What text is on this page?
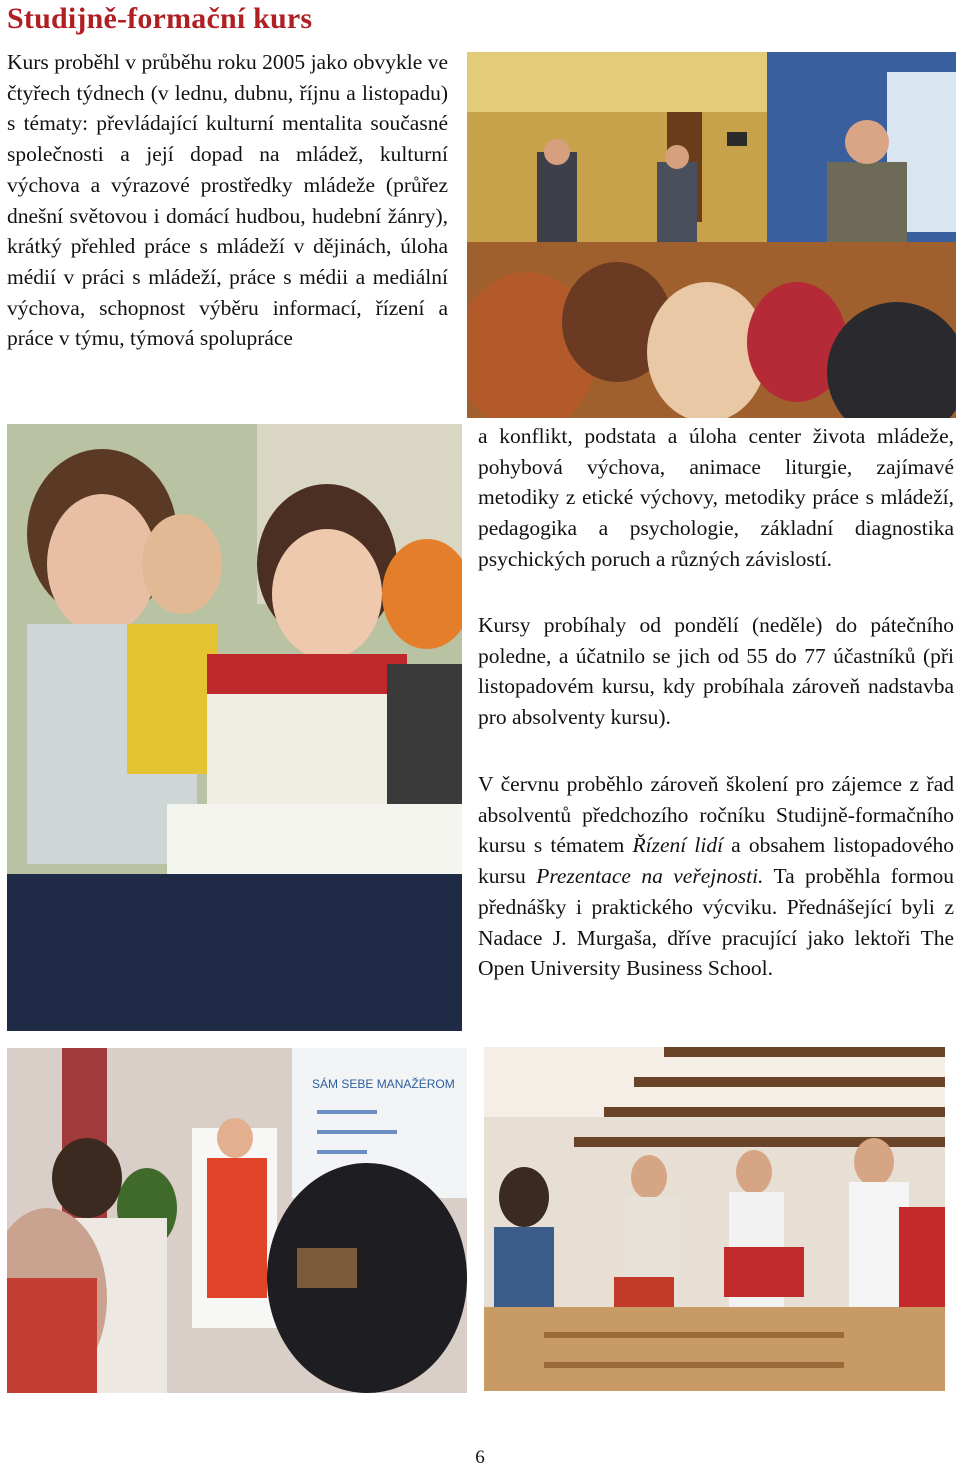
Studijně-formační kurs

Kurs proběhl v průběhu roku 2005 jako obvykle ve čtyřech týdnech (v lednu, dubnu, říjnu a listopadu) s tématy: převládající kulturní mentalita současné společnosti a její dopad na mládež, kulturní výchova a výrazové prostředky mládeže (průřez dnešní světovou i domácí hudbou, hudební žánry), krátký přehled práce s mládeží v dějinách, úloha médií v práci s mládeží, práce s médii a mediální výchova, schopnost výběru informací, řízení a práce v týmu, týmová spolupráce

a konflikt, podstata a úloha center života mládeže, pohybová výchova, animace liturgie, zajímavé metodiky z etické výchovy, metodiky práce s mládeží, pedagogika a psychologie, základní diagnostika psychických poruch a různých závislostí.

Kursy probíhaly od pondělí (neděle) do pátečního poledne, a účatnilo se jich od 55 do 77 účastníků (při listopadovém kursu, kdy probíhala zároveň nadstavba pro absolventy kursu).

V červnu proběhlo zároveň školení pro zájemce z řad absolventů předchozího ročníku Studijně-formačního kursu s tématem Řízení lidí a obsahem listopadového kursu Prezentace na veřejnosti. Ta proběhla formou přednášky i praktického výcviku. Přednášející byli z Nadace J. Murgaša, dříve pracující jako lektoři The Open University Business School.

SÁM SEBE MANAŽÉROM
6
